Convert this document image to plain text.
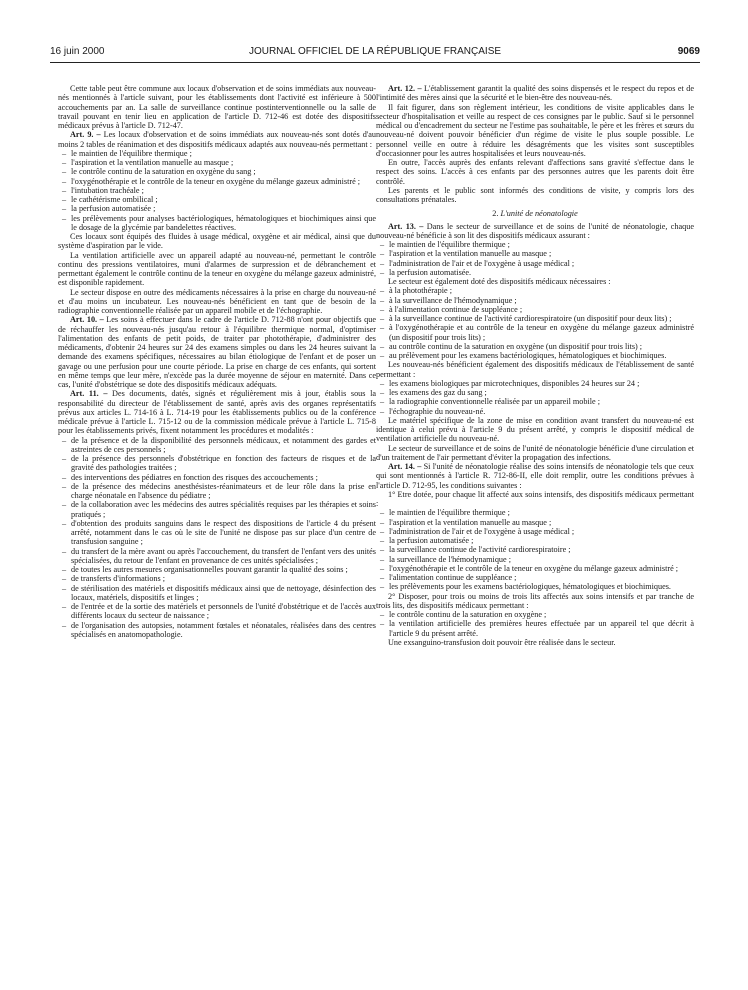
16 juin 2000	JOURNAL OFFICIEL DE LA RÉPUBLIQUE FRANÇAISE	9069

Cette table peut être commune aux locaux d'observation et de soins immédiats aux nouveau-nés mentionnés à l'article suivant, pour les établissements dont l'activité est inférieure à 500 accouchements par an. La salle de surveillance continue postinterventionnelle ou la salle de travail pouvant en tenir lieu en application de l'article D. 712-46 est dotée des dispositifs médicaux prévus à l'article D. 712-47.

Art. 9. – Les locaux d'observation et de soins immédiats aux nouveau-nés sont dotés d'au moins 2 tables de réanimation et des dispositifs médicaux adaptés aux nouveau-nés permettant :

– le maintien de l'équilibre thermique ;
– l'aspiration et la ventilation manuelle au masque ;
– le contrôle continu de la saturation en oxygène du sang ;
– l'oxygénothérapie et le contrôle de la teneur en oxygène du mélange gazeux administré ;
– l'intubation trachéale ;
– le cathétérisme ombilical ;
– la perfusion automatisée ;
– les prélèvements pour analyses bactériologiques, hématologiques et biochimiques ainsi que le dosage de la glycémie par bandelettes réactives.

Ces locaux sont équipés des fluides à usage médical, oxygène et air médical, ainsi que du système d'aspiration par le vide.

La ventilation artificielle avec un appareil adapté au nouveau-né, permettant le contrôle continu des pressions ventilatoires, muni d'alarmes de surpression et de débranchement et permettant également le contrôle continu de la teneur en oxygène du mélange gazeux administré, est disponible rapidement.

Le secteur dispose en outre des médicaments nécessaires à la prise en charge du nouveau-né et d'au moins un incubateur. Les nouveau-nés bénéficient en tant que de besoin de la radiographie conventionnelle réalisée par un appareil mobile et de l'échographie.

Art. 10. – Les soins à effectuer dans le cadre de l'article D. 712-88 n'ont pour objectifs que de réchauffer les nouveau-nés jusqu'au retour à l'équilibre thermique normal, d'optimiser l'alimentation des enfants de petit poids, de traiter par photothérapie, d'administrer des médicaments, d'obtenir 24 heures sur 24 des examens simples ou dans les 24 heures suivant la demande des examens spécifiques, nécessaires au bilan étiologique de l'enfant et de poser un gavage ou une perfusion pour une courte période. La prise en charge de ces enfants, qui sortent en même temps que leur mère, n'excède pas la durée moyenne de séjour en maternité. Dans ce cas, l'unité d'obstétrique se dote des dispositifs médicaux adéquats.

Art. 11. – Des documents, datés, signés et régulièrement mis à jour, établis sous la responsabilité du directeur de l'établissement de santé, après avis des organes représentatifs prévus aux articles L. 714-16 à L. 714-19 pour les établissements publics ou de la conférence médicale prévue à l'article L. 715-12 ou de la commission médicale prévue à l'article L. 715-8 pour les établissements privés, fixent notamment les procédures et modalités :

– de la présence et de la disponibilité des personnels médicaux, et notamment des gardes et astreintes de ces personnels ;
– de la présence des personnels d'obstétrique en fonction des facteurs de risques et de la gravité des pathologies traitées ;
– des interventions des pédiatres en fonction des risques des accouchements ;
– de la présence des médecins anesthésistes-réanimateurs et de leur rôle dans la prise en charge néonatale en l'absence du pédiatre ;
– de la collaboration avec les médecins des autres spécialités requises par les thérapies et soins pratiqués ;
– d'obtention des produits sanguins dans le respect des dispositions de l'article 4 du présent arrêté, notamment dans le cas où le site de l'unité ne dispose pas sur place d'un centre de transfusion sanguine ;
– du transfert de la mère avant ou après l'accouchement, du transfert de l'enfant vers des unités spécialisées, du retour de l'enfant en provenance de ces unités spécialisées ;
– de toutes les autres mesures organisationnelles pouvant garantir la qualité des soins ;
– de transferts d'informations ;
– de stérilisation des matériels et dispositifs médicaux ainsi que de nettoyage, désinfection des locaux, matériels, dispositifs et linges ;
– de l'entrée et de la sortie des matériels et personnels de l'unité d'obstétrique et de l'accès aux différents locaux du secteur de naissance ;
– de l'organisation des autopsies, notamment fœtales et néonatales, réalisées dans des centres spécialisés en anatomopathologie.

Art. 12. – L'établissement garantit la qualité des soins dispensés et le respect du repos et de l'intimité des mères ainsi que la sécurité et le bien-être des nouveau-nés.

Il fait figurer, dans son règlement intérieur, les conditions de visite applicables dans le secteur d'hospitalisation et veille au respect de ces consignes par le public. Sauf si le personnel médical ou d'encadrement du secteur ne l'estime pas souhaitable, le père et les frères et sœurs du nouveau-né doivent pouvoir bénéficier d'un régime de visite le plus souple possible. Le personnel veille en outre à réduire les désagréments que les visites sont susceptibles d'occasionner pour les autres hospitalisées et leurs nouveau-nés.

En outre, l'accès auprès des enfants relevant d'affections sans gravité s'effectue dans le respect des soins. L'accès à ces enfants par des personnes autres que les parents doit être contrôlé.

Les parents et le public sont informés des conditions de visite, y compris lors des consultations prénatales.

2. L'unité de néonatologie

Art. 13. – Dans le secteur de surveillance et de soins de l'unité de néonatologie, chaque nouveau-né bénéficie à son lit des dispositifs médicaux assurant :

– le maintien de l'équilibre thermique ;
– l'aspiration et la ventilation manuelle au masque ;
– l'administration de l'air et de l'oxygène à usage médical ;
– la perfusion automatisée.

Le secteur est également doté des dispositifs médicaux nécessaires :

– à la photothérapie ;
– à la surveillance de l'hémodynamique ;
– à l'alimentation continue de suppléance ;
– à la surveillance continue de l'activité cardiorespiratoire (un dispositif pour deux lits) ;
– à l'oxygénothérapie et au contrôle de la teneur en oxygène du mélange gazeux administré (un dispositif pour trois lits) ;
– au contrôle continu de la saturation en oxygène (un dispositif pour trois lits) ;
– au prélèvement pour les examens bactériologiques, hématologiques et biochimiques.

Les nouveau-nés bénéficient également des dispositifs médicaux de l'établissement de santé permettant :

– les examens biologiques par microtechniques, disponibles 24 heures sur 24 ;
– les examens des gaz du sang ;
– la radiographie conventionnelle réalisée par un appareil mobile ;
– l'échographie du nouveau-né.

Le matériel spécifique de la zone de mise en condition avant transfert du nouveau-né est identique à celui prévu à l'article 9 du présent arrêté, y compris le dispositif médical de ventilation artificielle du nouveau-né.

Le secteur de surveillance et de soins de l'unité de néonatologie bénéficie d'une circulation et d'un traitement de l'air permettant d'éviter la propagation des infections.

Art. 14. – Si l'unité de néonatologie réalise des soins intensifs de néonatologie tels que ceux qui sont mentionnés à l'article R. 712-86-II, elle doit remplir, outre les conditions prévues à l'article D. 712-95, les conditions suivantes :

1° Etre dotée, pour chaque lit affecté aux soins intensifs, des dispositifs médicaux permettant :

– le maintien de l'équilibre thermique ;
– l'aspiration et la ventilation manuelle au masque ;
– l'administration de l'air et de l'oxygène à usage médical ;
– la perfusion automatisée ;
– la surveillance continue de l'activité cardiorespiratoire ;
– la surveillance de l'hémodynamique ;
– l'oxygénothérapie et le contrôle de la teneur en oxygène du mélange gazeux administré ;
– l'alimentation continue de suppléance ;
– les prélèvements pour les examens bactériologiques, hématologiques et biochimiques.

2° Disposer, pour trois ou moins de trois lits affectés aux soins intensifs et par tranche de trois lits, des dispositifs médicaux permettant :

– le contrôle continu de la saturation en oxygène ;
– la ventilation artificielle des premières heures effectuée par un appareil tel que décrit à l'article 9 du présent arrêté.

Une exsanguino-transfusion doit pouvoir être réalisée dans le secteur.
